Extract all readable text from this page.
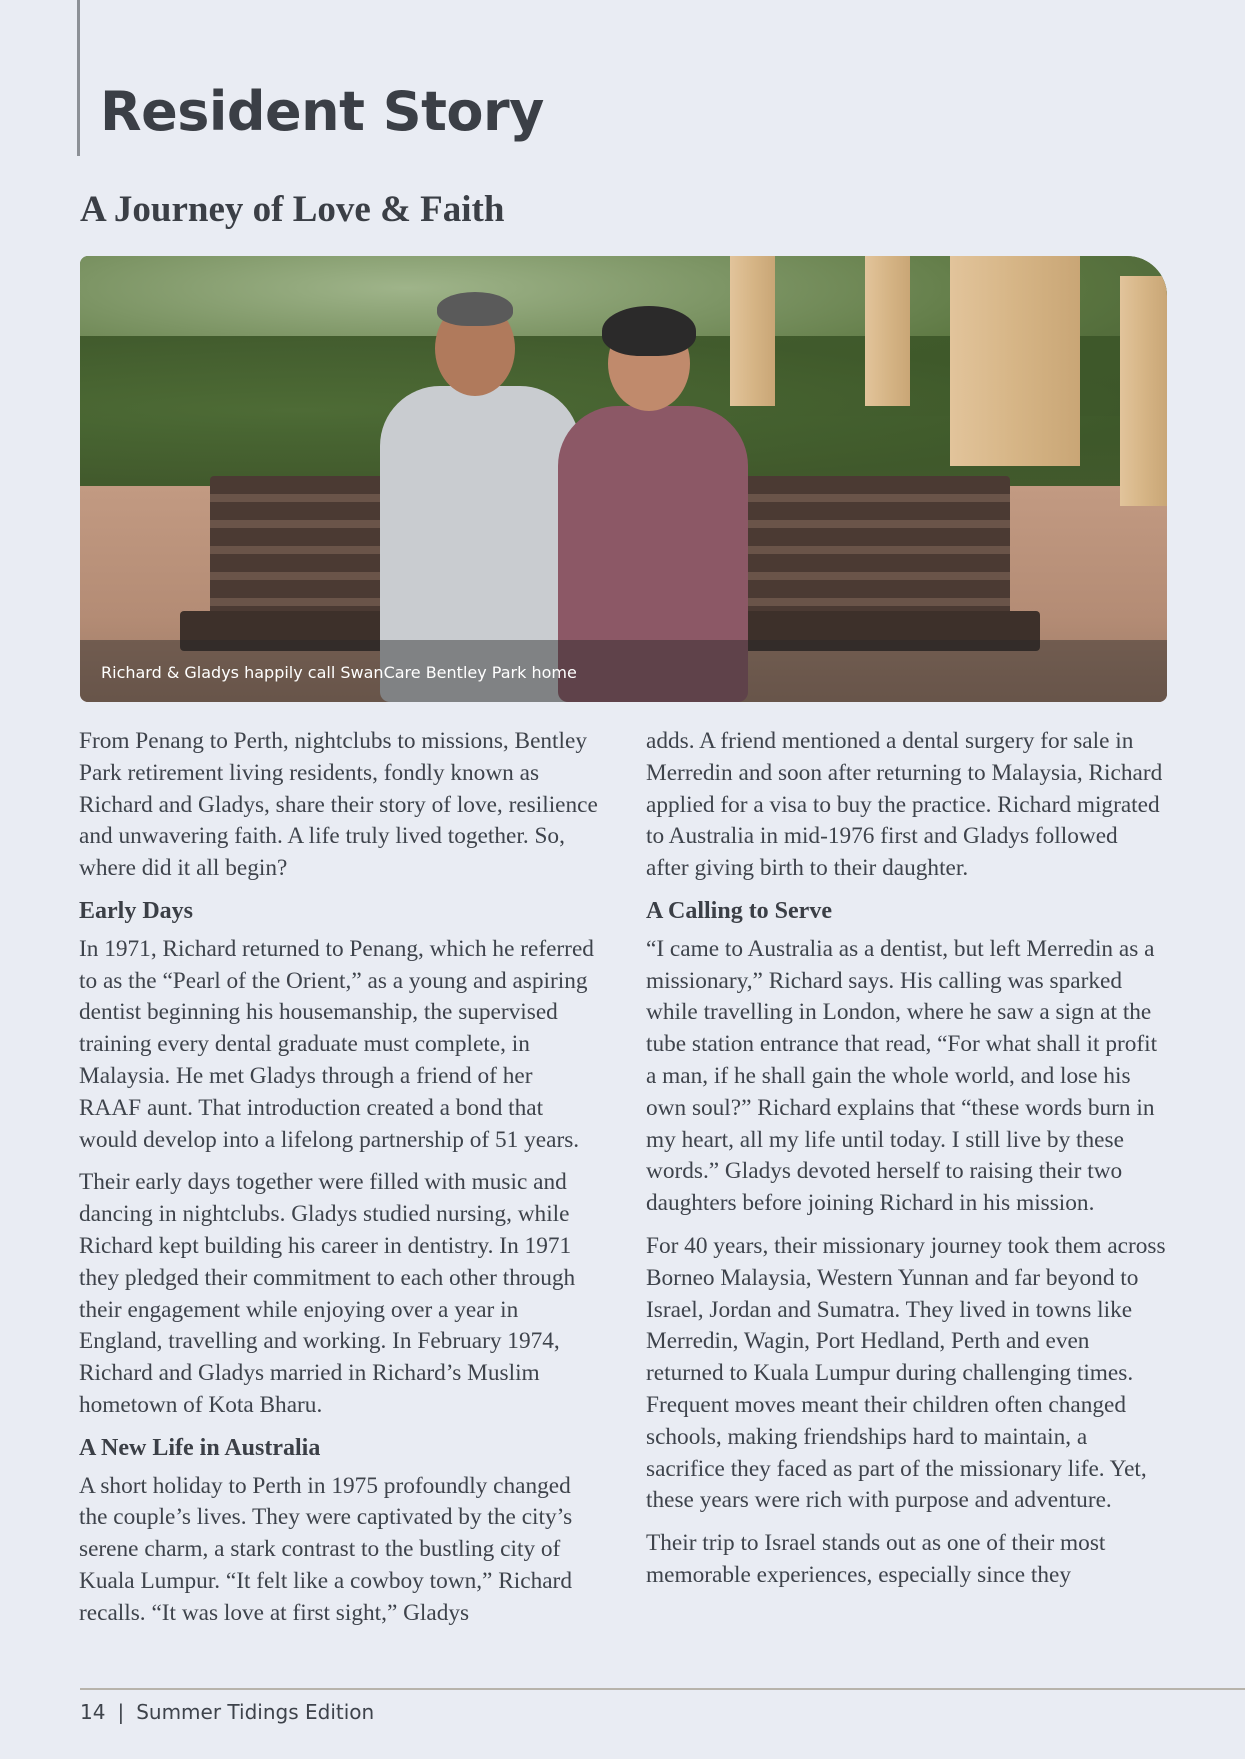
Resident Story
A Journey of Love & Faith
Richard & Gladys happily call SwanCare Bentley Park home

From Penang to Perth, nightclubs to missions, Bentley Park retirement living residents, fondly known as Richard and Gladys, share their story of love, resilience and unwavering faith. A life truly lived together. So, where did it all begin?

Early Days

In 1971, Richard returned to Penang, which he referred to as the “Pearl of the Orient,” as a young and aspiring dentist beginning his housemanship, the supervised training every dental graduate must complete, in Malaysia. He met Gladys through a friend of her RAAF aunt. That introduction created a bond that would develop into a lifelong partnership of 51 years.

Their early days together were filled with music and dancing in nightclubs. Gladys studied nursing, while Richard kept building his career in dentistry. In 1971 they pledged their commitment to each other through their engagement while enjoying over a year in England, travelling and working. In February 1974, Richard and Gladys married in Richard’s Muslim hometown of Kota Bharu.

A New Life in Australia

A short holiday to Perth in 1975 profoundly changed the couple’s lives. They were captivated by the city’s serene charm, a stark contrast to the bustling city of Kuala Lumpur. “It felt like a cowboy town,” Richard recalls. “It was love at first sight,” Gladys

adds. A friend mentioned a dental surgery for sale in Merredin and soon after returning to Malaysia, Richard applied for a visa to buy the practice. Richard migrated to Australia in mid-1976 first and Gladys followed after giving birth to their daughter.

A Calling to Serve

“I came to Australia as a dentist, but left Merredin as a missionary,” Richard says. His calling was sparked while travelling in London, where he saw a sign at the tube station entrance that read, “For what shall it profit a man, if he shall gain the whole world, and lose his own soul?” Richard explains that “these words burn in my heart, all my life until today. I still live by these words.” Gladys devoted herself to raising their two daughters before joining Richard in his mission.

For 40 years, their missionary journey took them across Borneo Malaysia, Western Yunnan and far beyond to Israel, Jordan and Sumatra. They lived in towns like Merredin, Wagin, Port Hedland, Perth and even returned to Kuala Lumpur during challenging times. Frequent moves meant their children often changed schools, making friendships hard to maintain, a sacrifice they faced as part of the missionary life. Yet, these years were rich with purpose and adventure.

Their trip to Israel stands out as one of their most memorable experiences, especially since they

14 | Summer Tidings Edition
